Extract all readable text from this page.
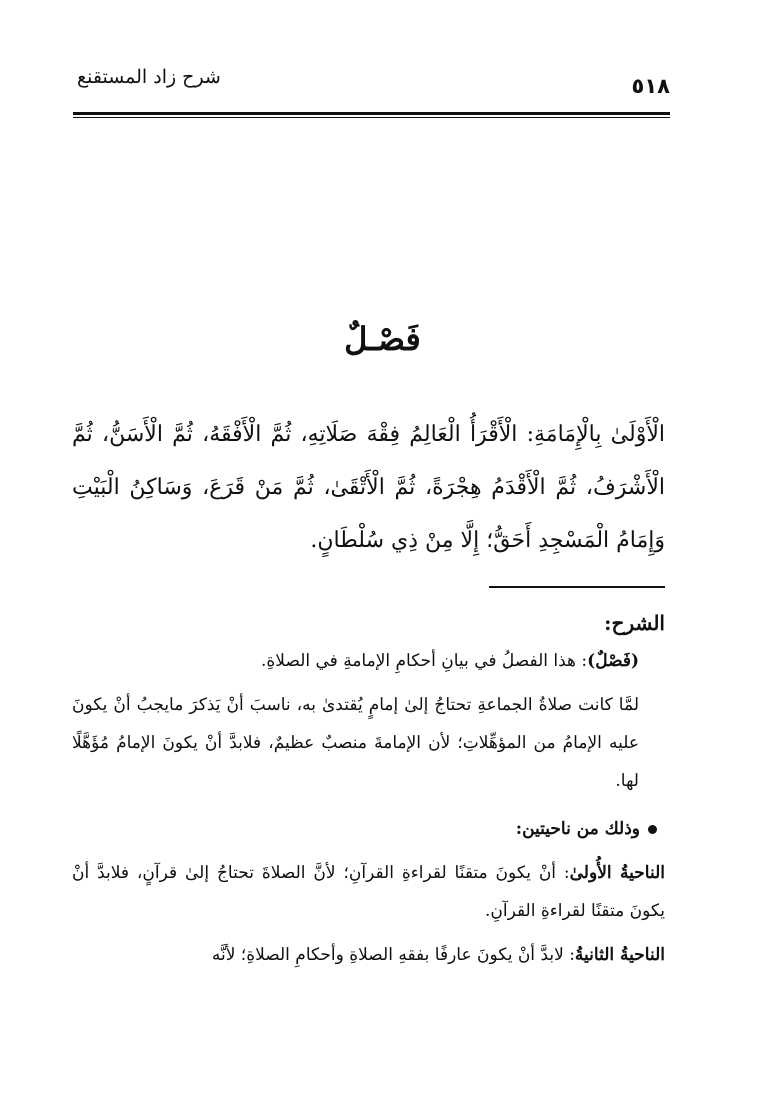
٥١٨
شرح زاد المستقنع
فَصْـلٌ
الْأَوْلَىٰ بِالْإِمَامَةِ: الْأَقْرَأُ الْعَالِمُ فِقْهَ صَلَاتِهِ، ثُمَّ الْأَفْقَهُ، ثُمَّ الْأَسَنُّ، ثُمَّ الْأَشْرَفُ، ثُمَّ الْأَقْدَمُ هِجْرَةً، ثُمَّ الْأَتْقَىٰ، ثُمَّ مَنْ قَرَعَ، وَسَاكِنُ الْبَيْتِ وَإِمَامُ الْمَسْجِدِ أَحَقُّ؛ إِلَّا مِنْ ذِي سُلْطَانٍ.

الشرح:

(فَصْلٌ): هذا الفصلُ في بيانِ أحكامِ الإمامةِ في الصلاةِ.

لمَّا كانت صلاةُ الجماعةِ تحتاجُ إلىٰ إمامٍ يُقتدىٰ به، ناسبَ أنْ يَذكرَ مايجبُ أنْ يكونَ عليه الإمامُ من المؤهِّلاتِ؛ لأن الإمامةَ منصبٌ عظيمٌ، فلابدَّ أنْ يكونَ الإمامُ مُؤَهَّلًا لها.

وذلك من ناحيتين:

الناحيةُ الأُولىٰ: أنْ يكونَ متقنًا لقراءةِ القرآنِ؛ لأنَّ الصلاةَ تحتاجُ إلىٰ قرآنٍ، فلابدَّ أنْ يكونَ متقنًا لقراءةِ القرآنِ.

الناحيةُ الثانيةُ: لابدَّ أنْ يكونَ عارفًا بفقهِ الصلاةِ وأحكامِ الصلاةِ؛ لأنَّه
